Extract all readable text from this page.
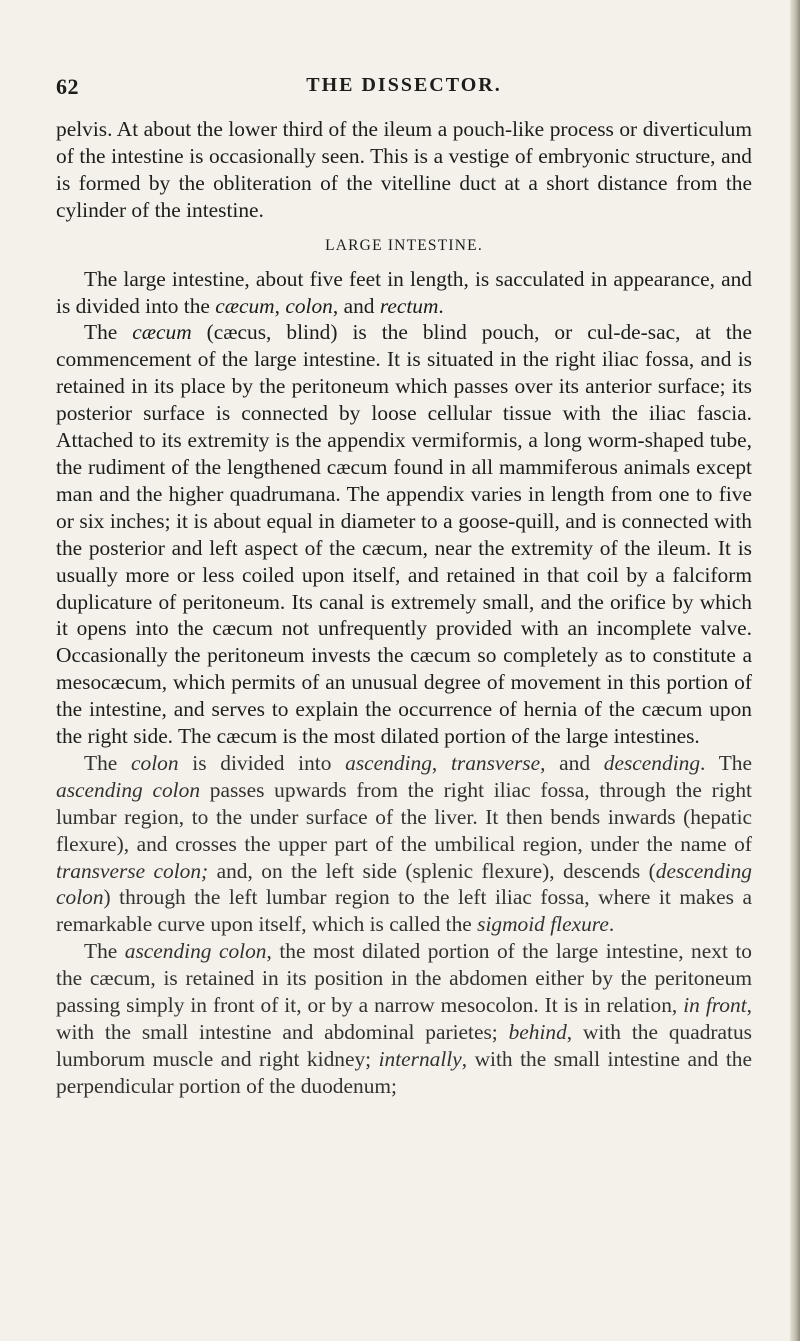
62	THE DISSECTOR.

pelvis. At about the lower third of the ileum a pouch-like process or diverticulum of the intestine is occasionally seen. This is a vestige of embryonic structure, and is formed by the obliteration of the vitelline duct at a short distance from the cylinder of the intestine.

LARGE INTESTINE.

The large intestine, about five feet in length, is sacculated in appearance, and is divided into the cæcum, colon, and rectum.

The cæcum (cæcus, blind) is the blind pouch, or cul-de-sac, at the commencement of the large intestine. It is situated in the right iliac fossa, and is retained in its place by the peritoneum which passes over its anterior surface; its posterior surface is connected by loose cellular tissue with the iliac fascia. Attached to its extremity is the appendix vermiformis, a long worm-shaped tube, the rudiment of the lengthened cæcum found in all mammiferous animals except man and the higher quadrumana. The appendix varies in length from one to five or six inches; it is about equal in diameter to a goose-quill, and is connected with the posterior and left aspect of the cæcum, near the extremity of the ileum. It is usually more or less coiled upon itself, and retained in that coil by a falciform duplicature of peritoneum. Its canal is extremely small, and the orifice by which it opens into the cæcum not unfrequently provided with an incomplete valve. Occasionally the peritoneum invests the cæcum so completely as to constitute a mesocæcum, which permits of an unusual degree of movement in this portion of the intestine, and serves to explain the occurrence of hernia of the cæcum upon the right side. The cæcum is the most dilated portion of the large intestines.

The colon is divided into ascending, transverse, and descending. The ascending colon passes upwards from the right iliac fossa, through the right lumbar region, to the under surface of the liver. It then bends inwards (hepatic flexure), and crosses the upper part of the umbilical region, under the name of transverse colon; and, on the left side (splenic flexure), descends (descending colon) through the left lumbar region to the left iliac fossa, where it makes a remarkable curve upon itself, which is called the sigmoid flexure.

The ascending colon, the most dilated portion of the large intestine, next to the cæcum, is retained in its position in the abdomen either by the peritoneum passing simply in front of it, or by a narrow mesocolon. It is in relation, in front, with the small intestine and abdominal parietes; behind, with the quadratus lumborum muscle and right kidney; internally, with the small intestine and the perpendicular portion of the duodenum;
